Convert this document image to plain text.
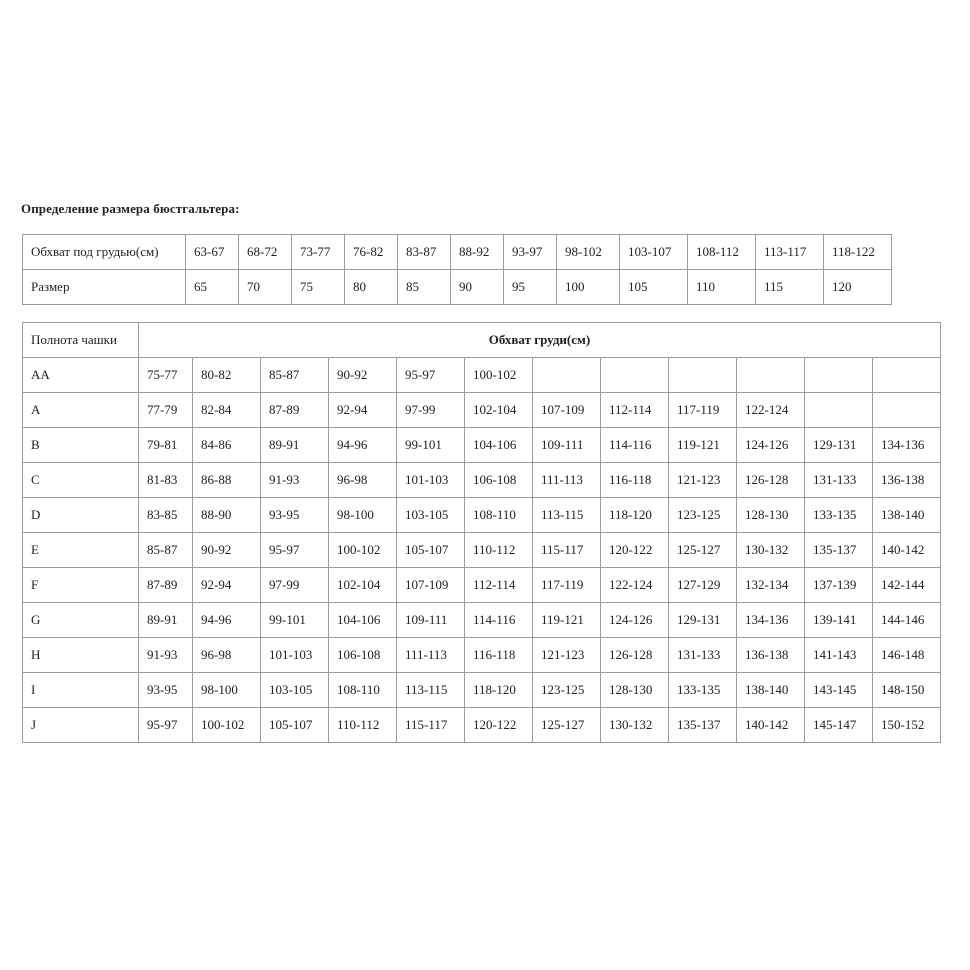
Определение размера бюстгальтера:
Обхват под грудью(см)	63-67	68-72	73-77	76-82	83-87	88-92	93-97	98-102	103-107	108-112	113-117	118-122
Размер	65	70	75	80	85	90	95	100	105	110	115	120
Полнота чашки	Обхват груди(см)											
AA	75-77	80-82	85-87	90-92	95-97	100-102						
A	77-79	82-84	87-89	92-94	97-99	102-104	107-109	112-114	117-119	122-124		
B	79-81	84-86	89-91	94-96	99-101	104-106	109-111	114-116	119-121	124-126	129-131	134-136
C	81-83	86-88	91-93	96-98	101-103	106-108	111-113	116-118	121-123	126-128	131-133	136-138
D	83-85	88-90	93-95	98-100	103-105	108-110	113-115	118-120	123-125	128-130	133-135	138-140
E	85-87	90-92	95-97	100-102	105-107	110-112	115-117	120-122	125-127	130-132	135-137	140-142
F	87-89	92-94	97-99	102-104	107-109	112-114	117-119	122-124	127-129	132-134	137-139	142-144
G	89-91	94-96	99-101	104-106	109-111	114-116	119-121	124-126	129-131	134-136	139-141	144-146
H	91-93	96-98	101-103	106-108	111-113	116-118	121-123	126-128	131-133	136-138	141-143	146-148
I	93-95	98-100	103-105	108-110	113-115	118-120	123-125	128-130	133-135	138-140	143-145	148-150
J	95-97	100-102	105-107	110-112	115-117	120-122	125-127	130-132	135-137	140-142	145-147	150-152
